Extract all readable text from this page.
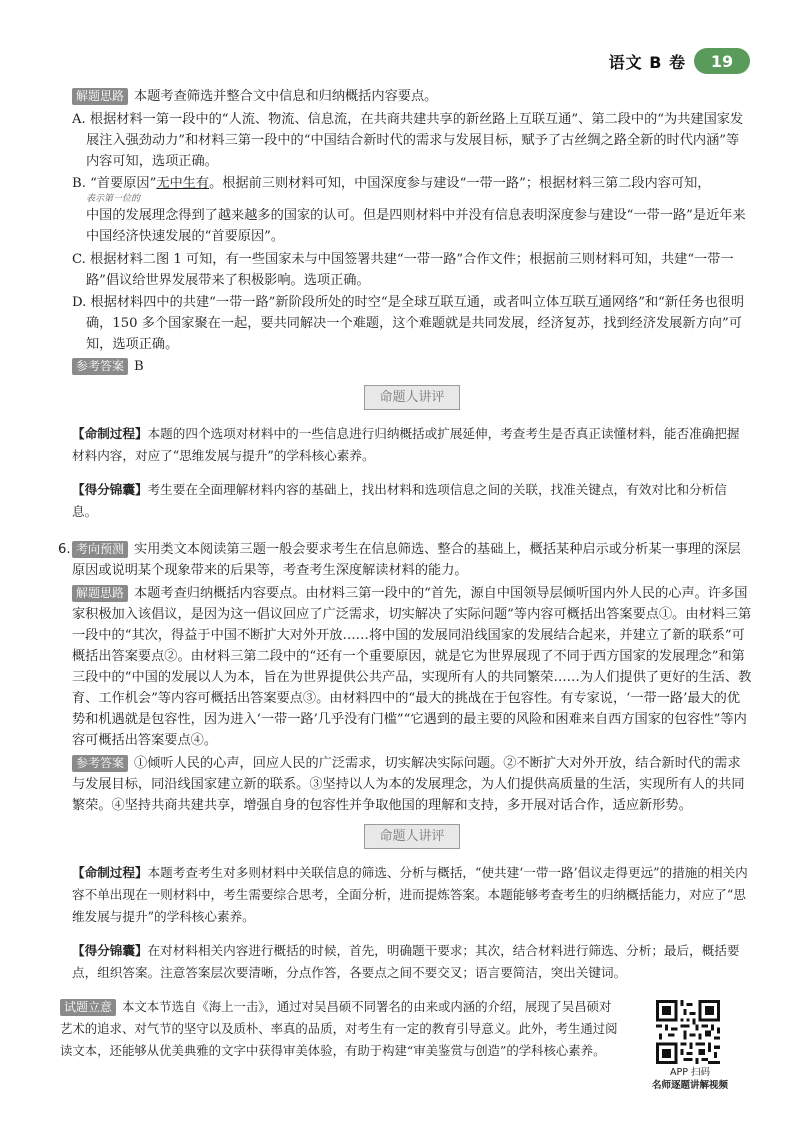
语文 B 卷	19

解题思路 本题考查筛选并整合文中信息和归纳概括内容要点。

A. 根据材料一第一段中的“人流、物流、信息流，在共商共建共享的新丝路上互联互通”、第二段中的“为共建国家发展注入强劲动力”和材料三第一段中的“中国结合新时代的需求与发展目标，赋予了古丝绸之路全新的时代内涵”等内容可知，选项正确。

B. “首要原因”无中生有。根据前三则材料可知，中国深度参与建设“一带一路”；根据材料三第二段内容可知，

表示第一位的

中国的发展理念得到了越来越多的国家的认可。但是四则材料中并没有信息表明深度参与建设“一带一路”是近年来中国经济快速发展的“首要原因”。

C. 根据材料二图 1 可知，有一些国家未与中国签署共建“一带一路”合作文件；根据前三则材料可知，共建“一带一路”倡议给世界发展带来了积极影响。选项正确。

D. 根据材料四中的共建“一带一路”新阶段所处的时空“是全球互联互通，或者叫立体互联互通网络”和“新任务也很明确，150 多个国家聚在一起，要共同解决一个难题，这个难题就是共同发展，经济复苏，找到经济发展新方向”可知，选项正确。

参考答案 B

命题人讲评

【命制过程】本题的四个选项对材料中的一些信息进行归纳概括或扩展延伸，考查考生是否真正读懂材料，能否准确把握材料内容，对应了“思维发展与提升”的学科核心素养。

【得分锦囊】考生要在全面理解材料内容的基础上，找出材料和选项信息之间的关联，找准关键点，有效对比和分析信息。

6. 考向预测 实用类文本阅读第三题一般会要求考生在信息筛选、整合的基础上，概括某种启示或分析某一事理的深层原因或说明某个现象带来的后果等，考查考生深度解读材料的能力。

解题思路 本题考查归纳概括内容要点。由材料三第一段中的“首先，源自中国领导层倾听国内外人民的心声。许多国家积极加入该倡议，是因为这一倡议回应了广泛需求，切实解决了实际问题”等内容可概括出答案要点①。由材料三第一段中的“其次，得益于中国不断扩大对外开放……将中国的发展同沿线国家的发展结合起来，并建立了新的联系”可概括出答案要点②。由材料三第二段中的“还有一个重要原因，就是它为世界展现了不同于西方国家的发展理念”和第三段中的“中国的发展以人为本，旨在为世界提供公共产品，实现所有人的共同繁荣……为人们提供了更好的生活、教育、工作机会”等内容可概括出答案要点③。由材料四中的“最大的挑战在于包容性。有专家说，‘一带一路’最大的优势和机遇就是包容性，因为进入‘一带一路’几乎没有门槛”“它遇到的最主要的风险和困难来自西方国家的包容性”等内容可概括出答案要点④。

参考答案 ①倾听人民的心声，回应人民的广泛需求，切实解决实际问题。②不断扩大对外开放，结合新时代的需求与发展目标，同沿线国家建立新的联系。③坚持以人为本的发展理念，为人们提供高质量的生活，实现所有人的共同繁荣。④坚持共商共建共享，增强自身的包容性并争取他国的理解和支持，多开展对话合作，适应新形势。

命题人讲评

【命制过程】本题考查考生对多则材料中关联信息的筛选、分析与概括，“使共建‘一带一路’倡议走得更远”的措施的相关内容不单出现在一则材料中，考生需要综合思考，全面分析，进而提炼答案。本题能够考查考生的归纳概括能力，对应了“思维发展与提升”的学科核心素养。

【得分锦囊】在对材料相关内容进行概括的时候，首先，明确题干要求；其次，结合材料进行筛选、分析；最后，概括要点，组织答案。注意答案层次要清晰，分点作答，各要点之间不要交叉；语言要简洁，突出关键词。

试题立意 本文本节选自《海上一击》，通过对吴昌硕不同署名的由来或内涵的介绍，展现了吴昌硕对艺术的追求、对气节的坚守以及质朴、率真的品质，对考生有一定的教育引导意义。此外，考生通过阅读文本，还能够从优美典雅的文字中获得审美体验，有助于构建“审美鉴赏与创造”的学科核心素养。
APP 扫码
名师逐题讲解视频
